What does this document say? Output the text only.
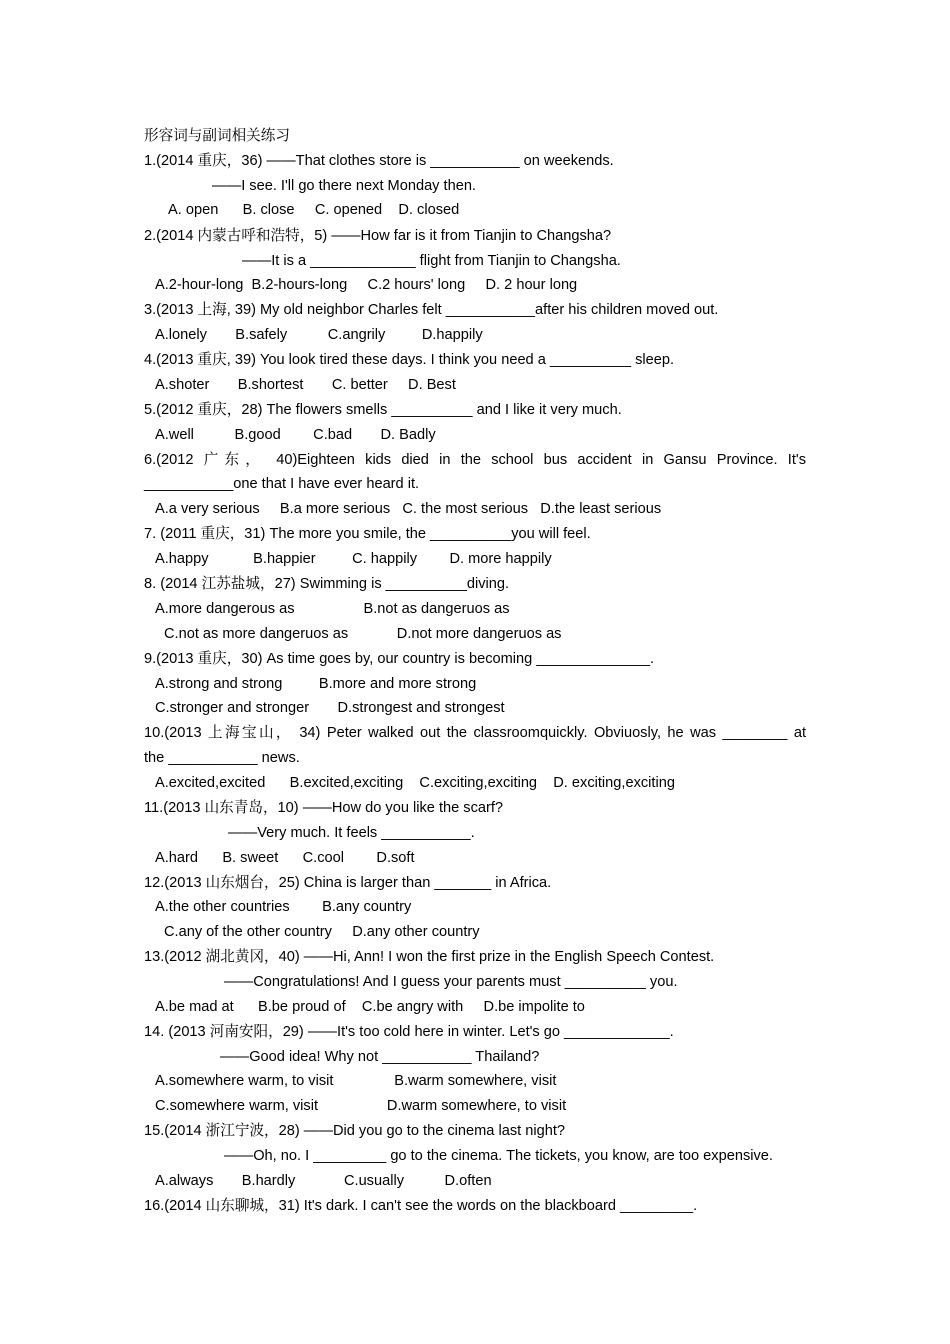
形容词与副词相关练习
1.(2014 重庆，36) ——That clothes store is ___________ on weekends.
——I see. I'll go there next Monday then.
A. open      B. close     C. opened    D. closed
2.(2014 内蒙古呼和浩特，5) ——How far is it from Tianjin to Changsha?
——It is a _____________ flight from Tianjin to Changsha.
A.2-hour-long  B.2-hours-long     C.2 hours' long     D. 2 hour long
3.(2013 上海, 39) My old neighbor Charles felt ___________after his children moved out.
A.lonely       B.safely          C.angrily         D.happily
4.(2013 重庆, 39) You look tired these days. I think you need a __________ sleep.
A.shoter       B.shortest       C. better     D. Best
5.(2012 重庆，28) The flowers smells __________ and I like it very much.
A.well          B.good        C.bad       D. Badly
6.(2012 广东， 40)Eighteen kids died in the school bus accident in Gansu Province. It's
___________one that I have ever heard it.
A.a very serious     B.a more serious   C. the most serious   D.the least serious
7. (2011 重庆，31) The more you smile, the __________you will feel.
A.happy           B.happier         C. happily        D. more happily
8. (2014 江苏盐城，27) Swimming is __________diving.
A.more dangerous as                 B.not as dangeruos as
C.not as more dangeruos as            D.not more dangeruos as
9.(2013 重庆，30) As time goes by, our country is becoming ______________.
A.strong and strong         B.more and more strong
C.stronger and stronger       D.strongest and strongest
10.(2013 上海宝山， 34) Peter walked out the classroomquickly. Obviuosly, he was ________ at
the ___________ news.
A.excited,excited      B.excited,exciting    C.exciting,exciting    D. exciting,exciting
11.(2013 山东青岛，10) ——How do you like the scarf?
——Very much. It feels ___________.
A.hard      B. sweet      C.cool        D.soft
12.(2013 山东烟台，25) China is larger than _______ in Africa.
A.the other countries        B.any country
C.any of the other country     D.any other country
13.(2012 湖北黄冈，40) ——Hi, Ann! I won the first prize in the English Speech Contest.
——Congratulations! And I guess your parents must __________ you.
A.be mad at      B.be proud of    C.be angry with     D.be impolite to
14. (2013 河南安阳，29) ——It's too cold here in winter. Let's go _____________.
——Good idea! Why not ___________ Thailand?
A.somewhere warm, to visit               B.warm somewhere, visit
C.somewhere warm, visit                 D.warm somewhere, to visit
15.(2014 浙江宁波，28) ——Did you go to the cinema last night?
——Oh, no. I _________ go to the cinema. The tickets, you know, are too expensive.
A.always       B.hardly            C.usually          D.often
16.(2014 山东聊城，31) It's dark. I can't see the words on the blackboard _________.
